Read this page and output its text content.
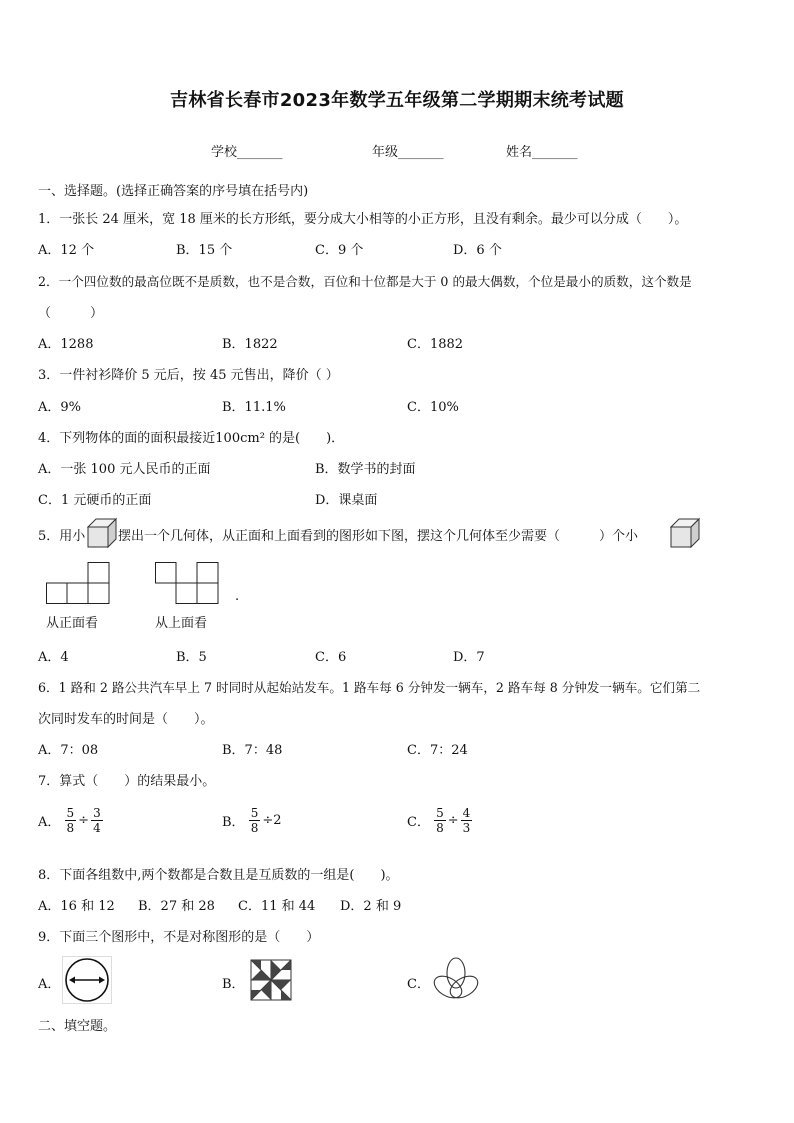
吉林省长春市2023年数学五年级第二学期期末统考试题
学校_______	年级_______	姓名_______
一、选择题。(选择正确答案的序号填在括号内)
1．一张长 24 厘米，宽 18 厘米的长方形纸，要分成大小相等的小正方形，且没有剩余。最少可以分成（　　）。
A．12 个	B．15 个	C．9 个	D．6 个
2．一个四位数的最高位既不是质数，也不是合数，百位和十位都是大于 0 的最大偶数，个位是最小的质数，这个数是
（　　　）
A．1288	B．1822	C．1882
3．一件衬衫降价 5 元后，按 45 元售出，降价（ ）
A．9%	B．11.1%	C．10%
4．下列物体的面的面积最接近100cm² 的是(　　)．
A．一张 100 元人民币的正面	B．数学书的封面
C．1 元硬币的正面	D．课桌面
5．用小	摆出一个几何体，从正面和上面看到的图形如下图，摆这个几何体至少需要（　　　）个小
从正面看	从上面看
.
A．4	B．5	C．6	D．7
6．1 路和 2 路公共汽车早上 7 时同时从起始站发车。1 路车每 6 分钟发一辆车，2 路车每 8 分钟发一辆车。它们第二
次同时发车的时间是（　　）。
A．7：08	B．7：48	C．7：24
7．算式（　　）的结果最小。
A． $\frac{5}{8} \div \frac{3}{4}$	B． $\frac{5}{8} \div 2$	C． $\frac{5}{8} \div \frac{4}{3}$
8．下面各组数中,两个数都是合数且是互质数的一组是(　　)。
A．16 和 12 B．27 和 28 C．11 和 44 D．2 和 9
9．下面三个图形中，不是对称图形的是（　　）
A．	B．	C．
二、填空题。
